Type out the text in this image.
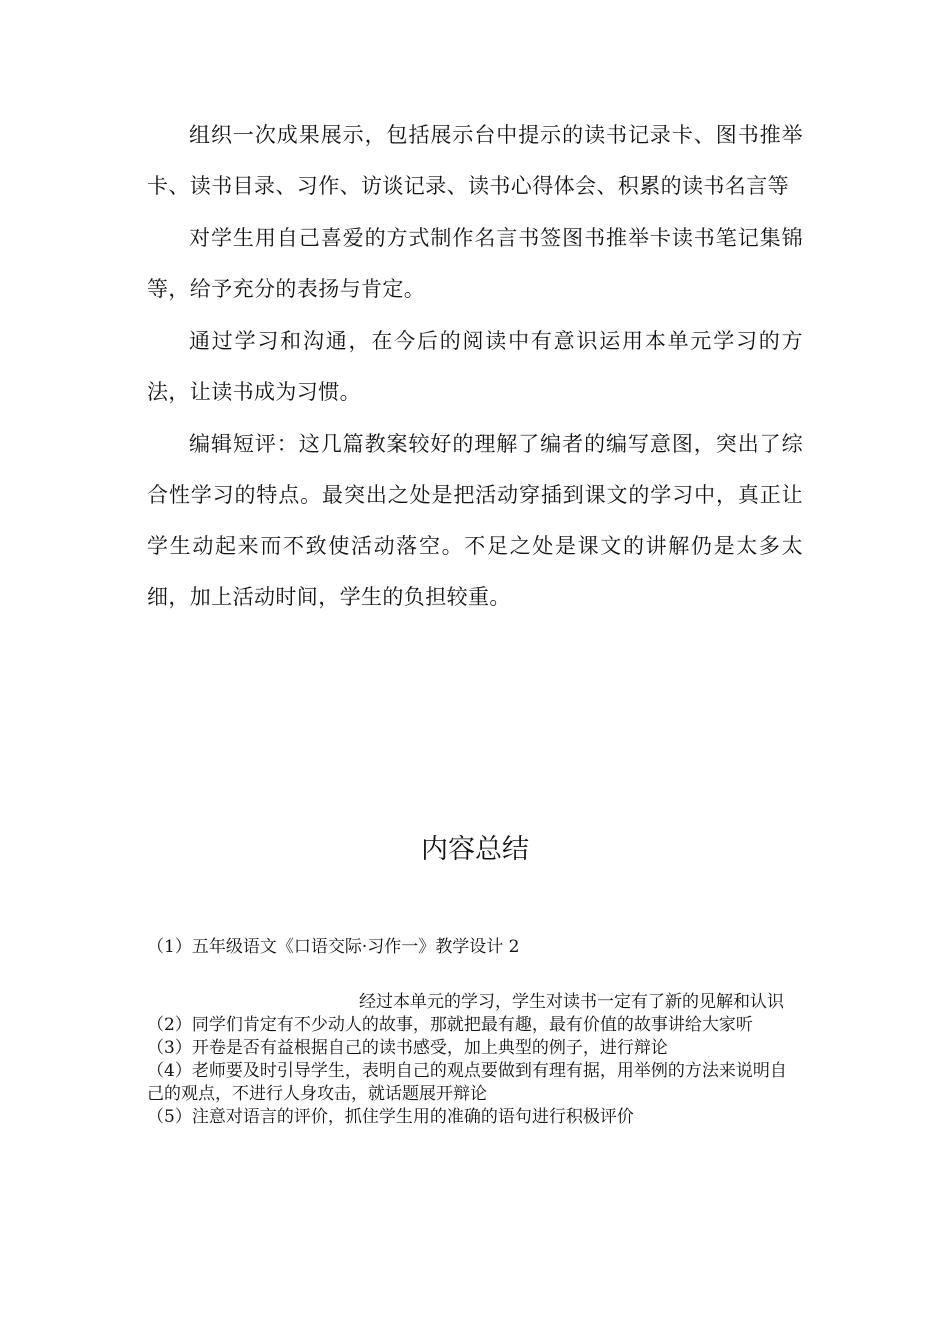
组织一次成果展示，包括展示台中提示的读书记录卡、图书推举卡、读书目录、习作、访谈记录、读书心得体会、积累的读书名言等

对学生用自己喜爱的方式制作名言书签图书推举卡读书笔记集锦等，给予充分的表扬与肯定。

通过学习和沟通，在今后的阅读中有意识运用本单元学习的方法，让读书成为习惯。

编辑短评：这几篇教案较好的理解了编者的编写意图，突出了综合性学习的特点。最突出之处是把活动穿插到课文的学习中，真正让学生动起来而不致使活动落空。不足之处是课文的讲解仍是太多太细，加上活动时间，学生的负担较重。

内容总结

（1）五年级语文《口语交际·习作一》教学设计 2

经过本单元的学习，学生对读书一定有了新的见解和认识

（2）同学们肯定有不少动人的故事，那就把最有趣，最有价值的故事讲给大家听

（3）开卷是否有益根据自己的读书感受，加上典型的例子，进行辩论

（4）老师要及时引导学生，表明自己的观点要做到有理有据，用举例的方法来说明自己的观点，不进行人身攻击，就话题展开辩论

（5）注意对语言的评价，抓住学生用的准确的语句进行积极评价
